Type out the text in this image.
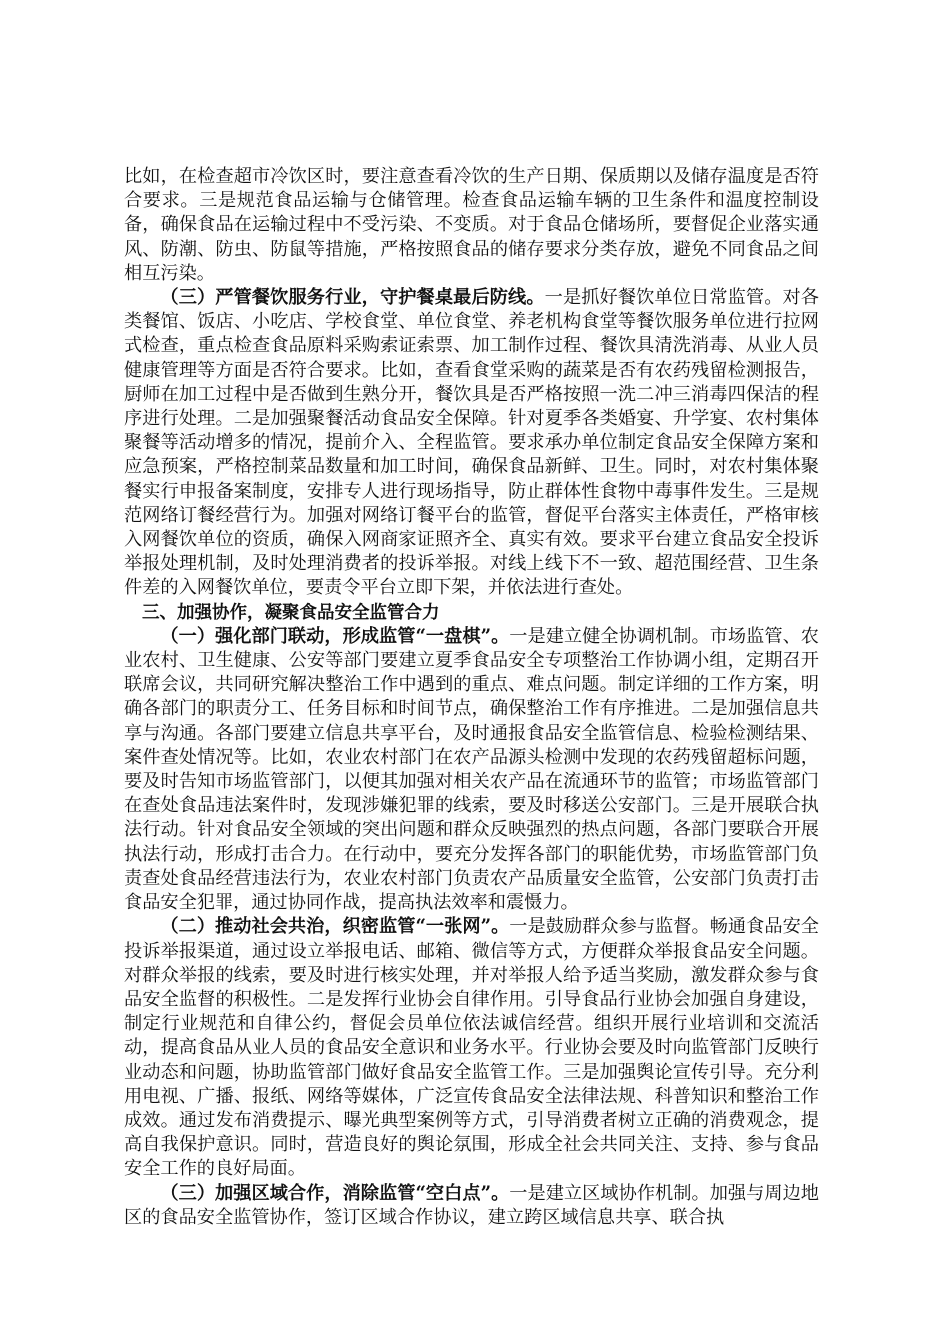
比如，在检查超市冷饮区时，要注意查看冷饮的生产日期、保质期以及储存温度是否符合要求。三是规范食品运输与仓储管理。检查食品运输车辆的卫生条件和温度控制设备，确保食品在运输过程中不受污染、不变质。对于食品仓储场所，要督促企业落实通风、防潮、防虫、防鼠等措施，严格按照食品的储存要求分类存放，避免不同食品之间相互污染。

（三）严管餐饮服务行业，守护餐桌最后防线。一是抓好餐饮单位日常监管。对各类餐馆、饭店、小吃店、学校食堂、单位食堂、养老机构食堂等餐饮服务单位进行拉网式检查，重点检查食品原料采购索证索票、加工制作过程、餐饮具清洗消毒、从业人员健康管理等方面是否符合要求。比如，查看食堂采购的蔬菜是否有农药残留检测报告，厨师在加工过程中是否做到生熟分开，餐饮具是否严格按照一洗二冲三消毒四保洁的程序进行处理。二是加强聚餐活动食品安全保障。针对夏季各类婚宴、升学宴、农村集体聚餐等活动增多的情况，提前介入、全程监管。要求承办单位制定食品安全保障方案和应急预案，严格控制菜品数量和加工时间，确保食品新鲜、卫生。同时，对农村集体聚餐实行申报备案制度，安排专人进行现场指导，防止群体性食物中毒事件发生。三是规范网络订餐经营行为。加强对网络订餐平台的监管，督促平台落实主体责任，严格审核入网餐饮单位的资质，确保入网商家证照齐全、真实有效。要求平台建立食品安全投诉举报处理机制，及时处理消费者的投诉举报。对线上线下不一致、超范围经营、卫生条件差的入网餐饮单位，要责令平台立即下架，并依法进行查处。

三、加强协作，凝聚食品安全监管合力

（一）强化部门联动，形成监管“一盘棋”。一是建立健全协调机制。市场监管、农业农村、卫生健康、公安等部门要建立夏季食品安全专项整治工作协调小组，定期召开联席会议，共同研究解决整治工作中遇到的重点、难点问题。制定详细的工作方案，明确各部门的职责分工、任务目标和时间节点，确保整治工作有序推进。二是加强信息共享与沟通。各部门要建立信息共享平台，及时通报食品安全监管信息、检验检测结果、案件查处情况等。比如，农业农村部门在农产品源头检测中发现的农药残留超标问题，要及时告知市场监管部门，以便其加强对相关农产品在流通环节的监管；市场监管部门在查处食品违法案件时，发现涉嫌犯罪的线索，要及时移送公安部门。三是开展联合执法行动。针对食品安全领域的突出问题和群众反映强烈的热点问题，各部门要联合开展执法行动，形成打击合力。在行动中，要充分发挥各部门的职能优势，市场监管部门负责查处食品经营违法行为，农业农村部门负责农产品质量安全监管，公安部门负责打击食品安全犯罪，通过协同作战，提高执法效率和震慑力。

（二）推动社会共治，织密监管“一张网”。一是鼓励群众参与监督。畅通食品安全投诉举报渠道，通过设立举报电话、邮箱、微信等方式，方便群众举报食品安全问题。对群众举报的线索，要及时进行核实处理，并对举报人给予适当奖励，激发群众参与食品安全监督的积极性。二是发挥行业协会自律作用。引导食品行业协会加强自身建设，制定行业规范和自律公约，督促会员单位依法诚信经营。组织开展行业培训和交流活动，提高食品从业人员的食品安全意识和业务水平。行业协会要及时向监管部门反映行业动态和问题，协助监管部门做好食品安全监管工作。三是加强舆论宣传引导。充分利用电视、广播、报纸、网络等媒体，广泛宣传食品安全法律法规、科普知识和整治工作成效。通过发布消费提示、曝光典型案例等方式，引导消费者树立正确的消费观念，提高自我保护意识。同时，营造良好的舆论氛围，形成全社会共同关注、支持、参与食品安全工作的良好局面。

（三）加强区域合作，消除监管“空白点”。一是建立区域协作机制。加强与周边地区的食品安全监管协作，签订区域合作协议，建立跨区域信息共享、联合执
